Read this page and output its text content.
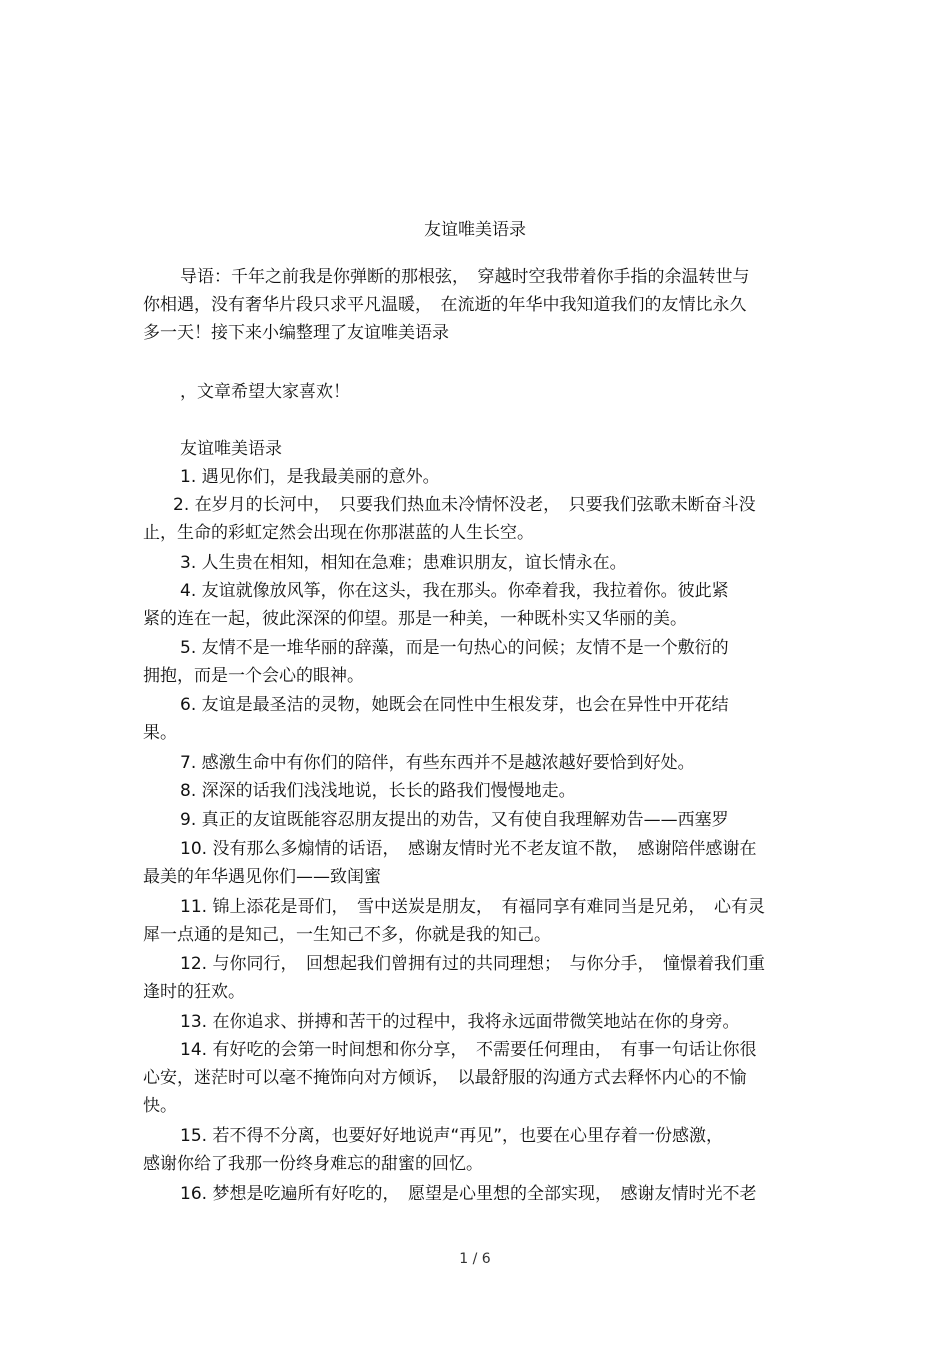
友谊唯美语录
导语：千年之前我是你弹断的那根弦，　穿越时空我带着你手指的余温转世与
你相遇，没有奢华片段只求平凡温暖，　在流逝的年华中我知道我们的友情比永久
多一天！接下来小编整理了友谊唯美语录
，文章希望大家喜欢！
友谊唯美语录
1. 遇见你们，是我最美丽的意外。
2. 在岁月的长河中，　只要我们热血未冷情怀没老，　只要我们弦歌未断奋斗没
止，生命的彩虹定然会出现在你那湛蓝的人生长空。
3. 人生贵在相知，相知在急难；患难识朋友，谊长情永在。
4. 友谊就像放风筝，你在这头，我在那头。你牵着我，我拉着你。彼此紧
紧的连在一起，彼此深深的仰望。那是一种美，一种既朴实又华丽的美。
5. 友情不是一堆华丽的辞藻，而是一句热心的问候；友情不是一个敷衍的
拥抱，而是一个会心的眼神。
6. 友谊是最圣洁的灵物，她既会在同性中生根发芽，也会在异性中开花结
果。
7. 感激生命中有你们的陪伴，有些东西并不是越浓越好要恰到好处。
8. 深深的话我们浅浅地说，长长的路我们慢慢地走。
9. 真正的友谊既能容忍朋友提出的劝告，又有使自我理解劝告——西塞罗
10. 没有那么多煽情的话语，　感谢友情时光不老友谊不散，　感谢陪伴感谢在
最美的年华遇见你们——致闺蜜
11. 锦上添花是哥们，　雪中送炭是朋友，　有福同享有难同当是兄弟，　心有灵
犀一点通的是知己，一生知己不多，你就是我的知己。
12. 与你同行，　回想起我们曾拥有过的共同理想；　与你分手，　憧憬着我们重
逢时的狂欢。
13. 在你追求、拼搏和苦干的过程中，我将永远面带微笑地站在你的身旁。
14. 有好吃的会第一时间想和你分享，　不需要任何理由，　有事一句话让你很
心安，迷茫时可以毫不掩饰向对方倾诉，　以最舒服的沟通方式去释怀内心的不愉
快。
15. 若不得不分离，也要好好地说声“再见”，也要在心里存着一份感激，
感谢你给了我那一份终身难忘的甜蜜的回忆。
16. 梦想是吃遍所有好吃的，　愿望是心里想的全部实现，　感谢友情时光不老
1 / 6
